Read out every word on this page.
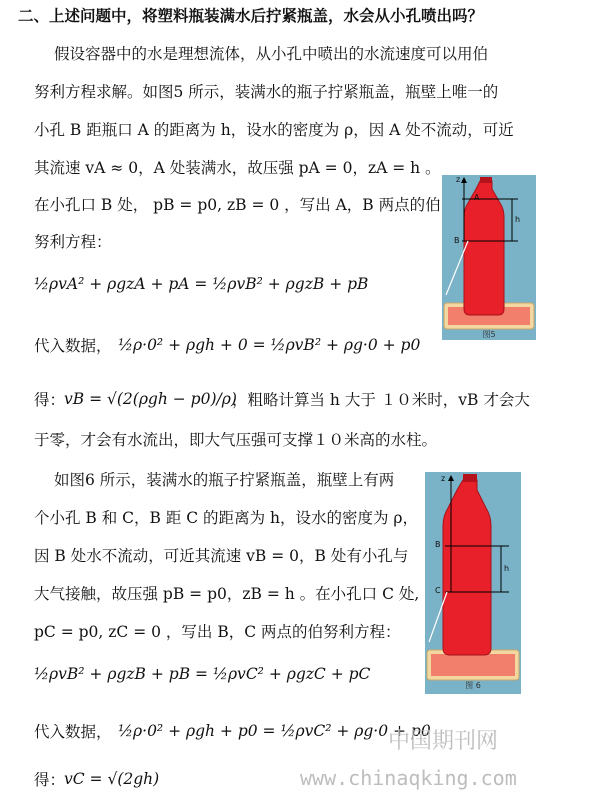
二、上述问题中，将塑料瓶装满水后拧紧瓶盖，水会从小孔喷出吗？
假设容器中的水是理想流体，从小孔中喷出的水流速度可以用伯
努利方程求解。如图5 所示，装满水的瓶子拧紧瓶盖，瓶壁上唯一的
小孔 B 距瓶口 A 的距离为 h，设水的密度为 ρ，因 A 处不流动，可近
其流速 vA ≈ 0，A 处装满水，故压强 pA = 0，zA = h 。
在小孔口 B 处， pB = p0, zB = 0 ，写出 A，B 两点的伯
努利方程：
½ρvA² + ρgzA + pA = ½ρvB² + ρgzB + pB
代入数据， ½ρ·0² + ρgh + 0 = ½ρvB² + ρg·0 + p0
得：
vB = √(2(ρgh − p0)/ρ)
，粗略计算当 h 大于 １０米时，vB 才会大
于零，才会有水流出，即大气压强可支撑１０米高的水柱。
如图6 所示，装满水的瓶子拧紧瓶盖，瓶壁上有两
个小孔 B 和 C，B 距 C 的距离为 h，设水的密度为 ρ，
因 B 处水不流动，可近其流速 vB = 0，B 处有小孔与
大气接触，故压强 pB = p0，zB = h 。在小孔口 C 处,
pC = p0, zC = 0 ，写出 B，C 两点的伯努利方程：
½ρvB² + ρgzB + pB = ½ρvC² + ρgzC + pC
代入数据， ½ρ·0² + ρgh + p0 = ½ρvC² + ρg·0 + p0
得：
vC = √(2gh)
z
A
h
B
图5
z
B
h
C
图 6
中国期刊网
www.chinaqking.com
